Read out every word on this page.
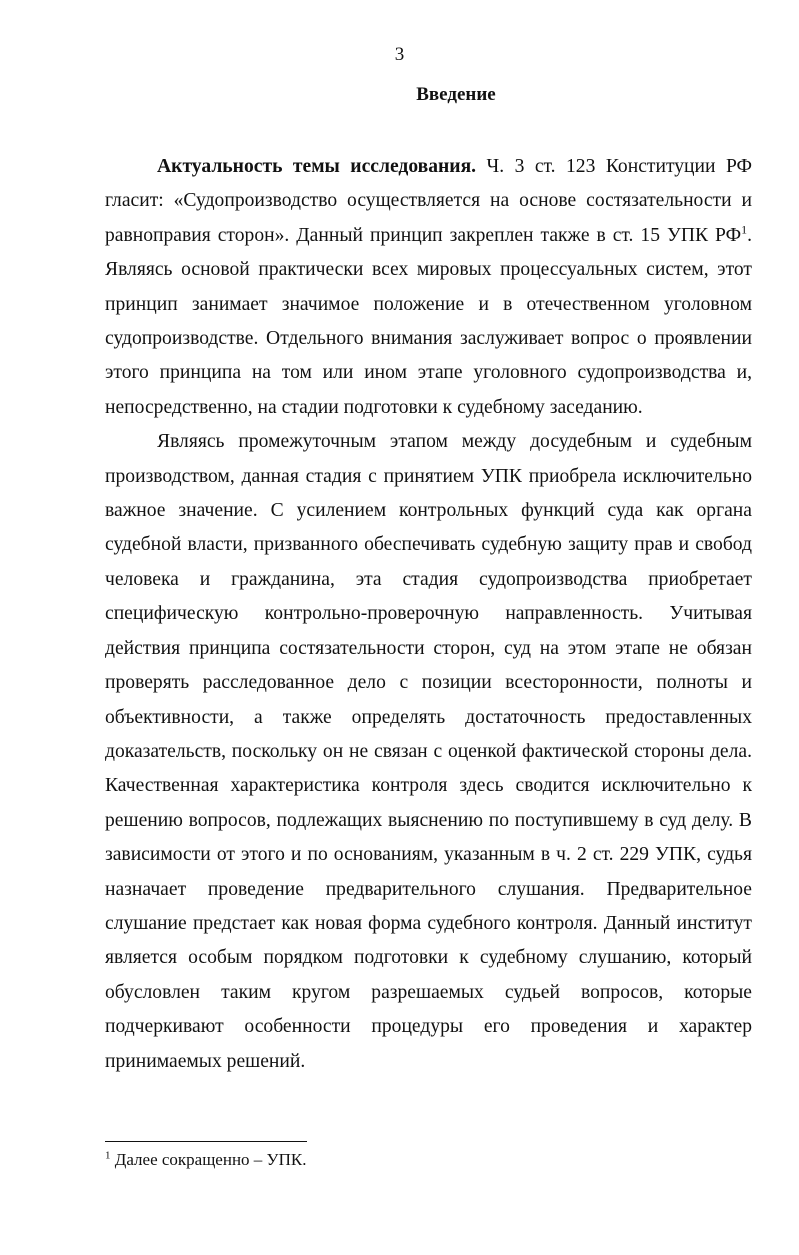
3
Введение

Актуальность темы исследования. Ч. 3 ст. 123 Конституции РФ гласит: «Судопроизводство осуществляется на основе состязательности и равноправия сторон». Данный принцип закреплен также в ст. 15 УПК $РФ^1$. Являясь основой практически всех мировых процессуальных систем, этот принцип занимает значимое положение и в отечественном уголовном судопроизводстве. Отдельного внимания заслуживает вопрос о проявлении этого принципа на том или ином этапе уголовного судопроизводства и, непосредственно, на стадии подготовки к судебному заседанию.

Являясь промежуточным этапом между досудебным и судебным производством, данная стадия с принятием УПК приобрела исключительно важное значение. С усилением контрольных функций суда как органа судебной власти, призванного обеспечивать судебную защиту прав и свобод человека и гражданина, эта стадия судопроизводства приобретает специфическую контрольно-проверочную направленность. Учитывая действия принципа состязательности сторон, суд на этом этапе не обязан проверять расследованное дело с позиции всесторонности, полноты и объективности, а также определять достаточность предоставленных доказательств, поскольку он не связан с оценкой фактической стороны дела. Качественная характеристика контроля здесь сводится исключительно к решению вопросов, подлежащих выяснению по поступившему в суд делу. В зависимости от этого и по основаниям, указанным в ч. 2 ст. 229 УПК, судья назначает проведение предварительного слушания. Предварительное слушание предстает как новая форма судебного контроля. Данный институт является особым порядком подготовки к судебному слушанию, который обусловлен таким кругом разрешаемых судьей вопросов, которые подчеркивают особенности процедуры его проведения и характер принимаемых решений.

$^1$ Далее сокращенно – УПК.
